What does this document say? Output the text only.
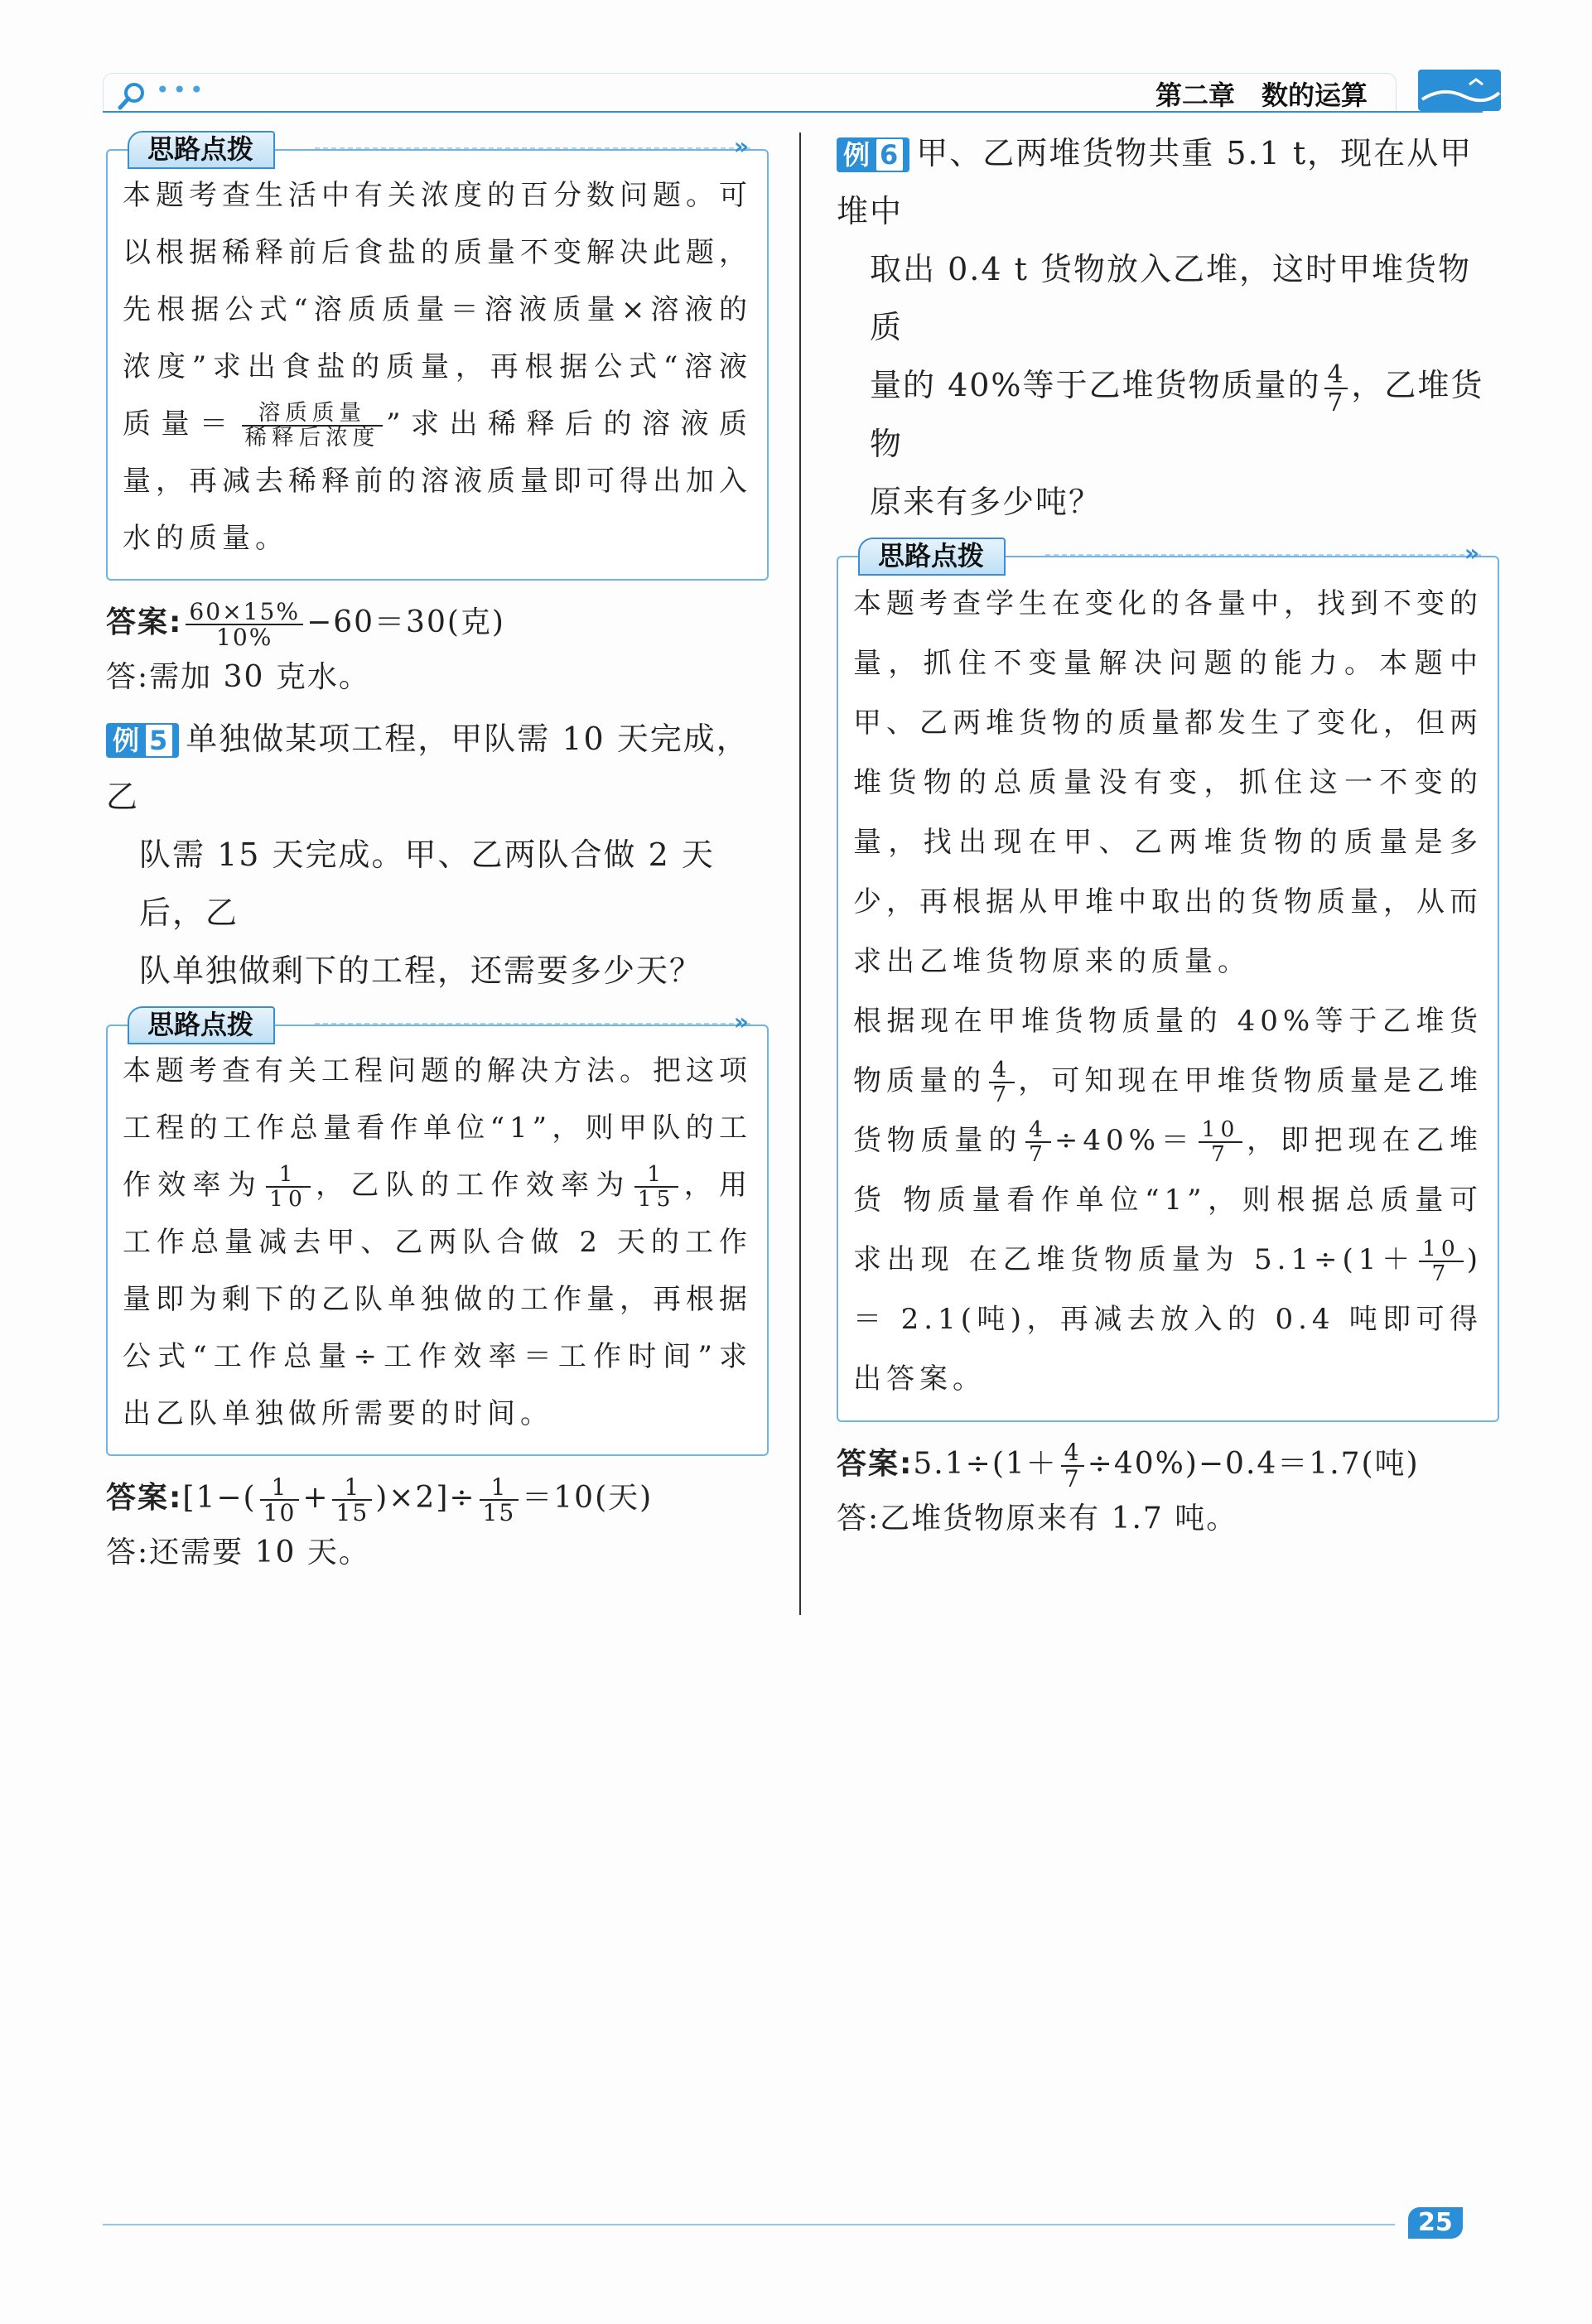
•••	第二章 数的运算
思路点拨	»

本题考查生活中有关浓度的百分数问题。可以根据稀释前后食盐的质量不变解决此题，先根据公式“溶质质量＝溶液质量×溶液的浓度”求出食盐的质量，再根据公式“溶液质量＝ $\frac{\text{溶质质量}}{\text{稀释后浓度}}$ ”求出稀释后的溶液质量，再减去稀释前的溶液质量即可得出加入水的质量。

答案: $\frac{60\times 15\%}{10\%} -60=30$(克)

答:需加 30 克水。

例 5 单独做某项工程，甲队需 10 天完成，乙
队需 15 天完成。甲、乙两队合做 2 天后，乙
队单独做剩下的工程，还需要多少天？
思路点拨	»

本题考查有关工程问题的解决方法。把这项工程的工作总量看作单位“1”，则甲队的工作效率为 $\frac{1}{10}$ ，乙队的工作效率为 $\frac{1}{15}$ ，用工作总量减去甲、乙两队合做 2 天的工作量即为剩下的乙队单独做的工作量，再根据公式“工作总量÷工作效率＝工作时间”求出乙队单独做所需要的时间。

答案:[1−( $\frac{1}{10} + \frac{1}{15} )\times 2]\div \frac{1}{15} =10$(天)

答:还需要 10 天。

例 6 甲、乙两堆货物共重 5.1 t，现在从甲堆中
取出 0.4 t 货物放入乙堆，这时甲堆货物质
量的 40%等于乙堆货物质量的 $\frac{4}{7}$ ，乙堆货物
原来有多少吨？
思路点拨	»

本题考查学生在变化的各量中，找到不变的量，抓住不变量解决问题的能力。本题中甲、乙两堆货物的质量都发生了变化，但两堆货物的总质量没有变，抓住这一不变的量，找出现在甲、乙两堆货物的质量是多少，再根据从甲堆中取出的货物质量，从而求出乙堆货物原来的质量。

根据现在甲堆货物质量的 40%等于乙堆货 物质量的 $\frac{4}{7}$ ，可知现在甲堆货物质量是乙堆 货物质量的 $\frac{4}{7} \div 40\%= \frac{10}{7}$ ，即把现在乙堆货 物质量看作单位“1”，则根据总质量可求出现 在乙堆货物质量为 $5.1\div(1+ \frac{10}{7}$ )＝ 2.1(吨)，再减去放入的 0.4 吨即可得出答案。

答案:5.1÷(1＋ $\frac{4}{7} \div 40\%)-0.4=1.7$(吨)

答:乙堆货物原来有 1.7 吨。

25
